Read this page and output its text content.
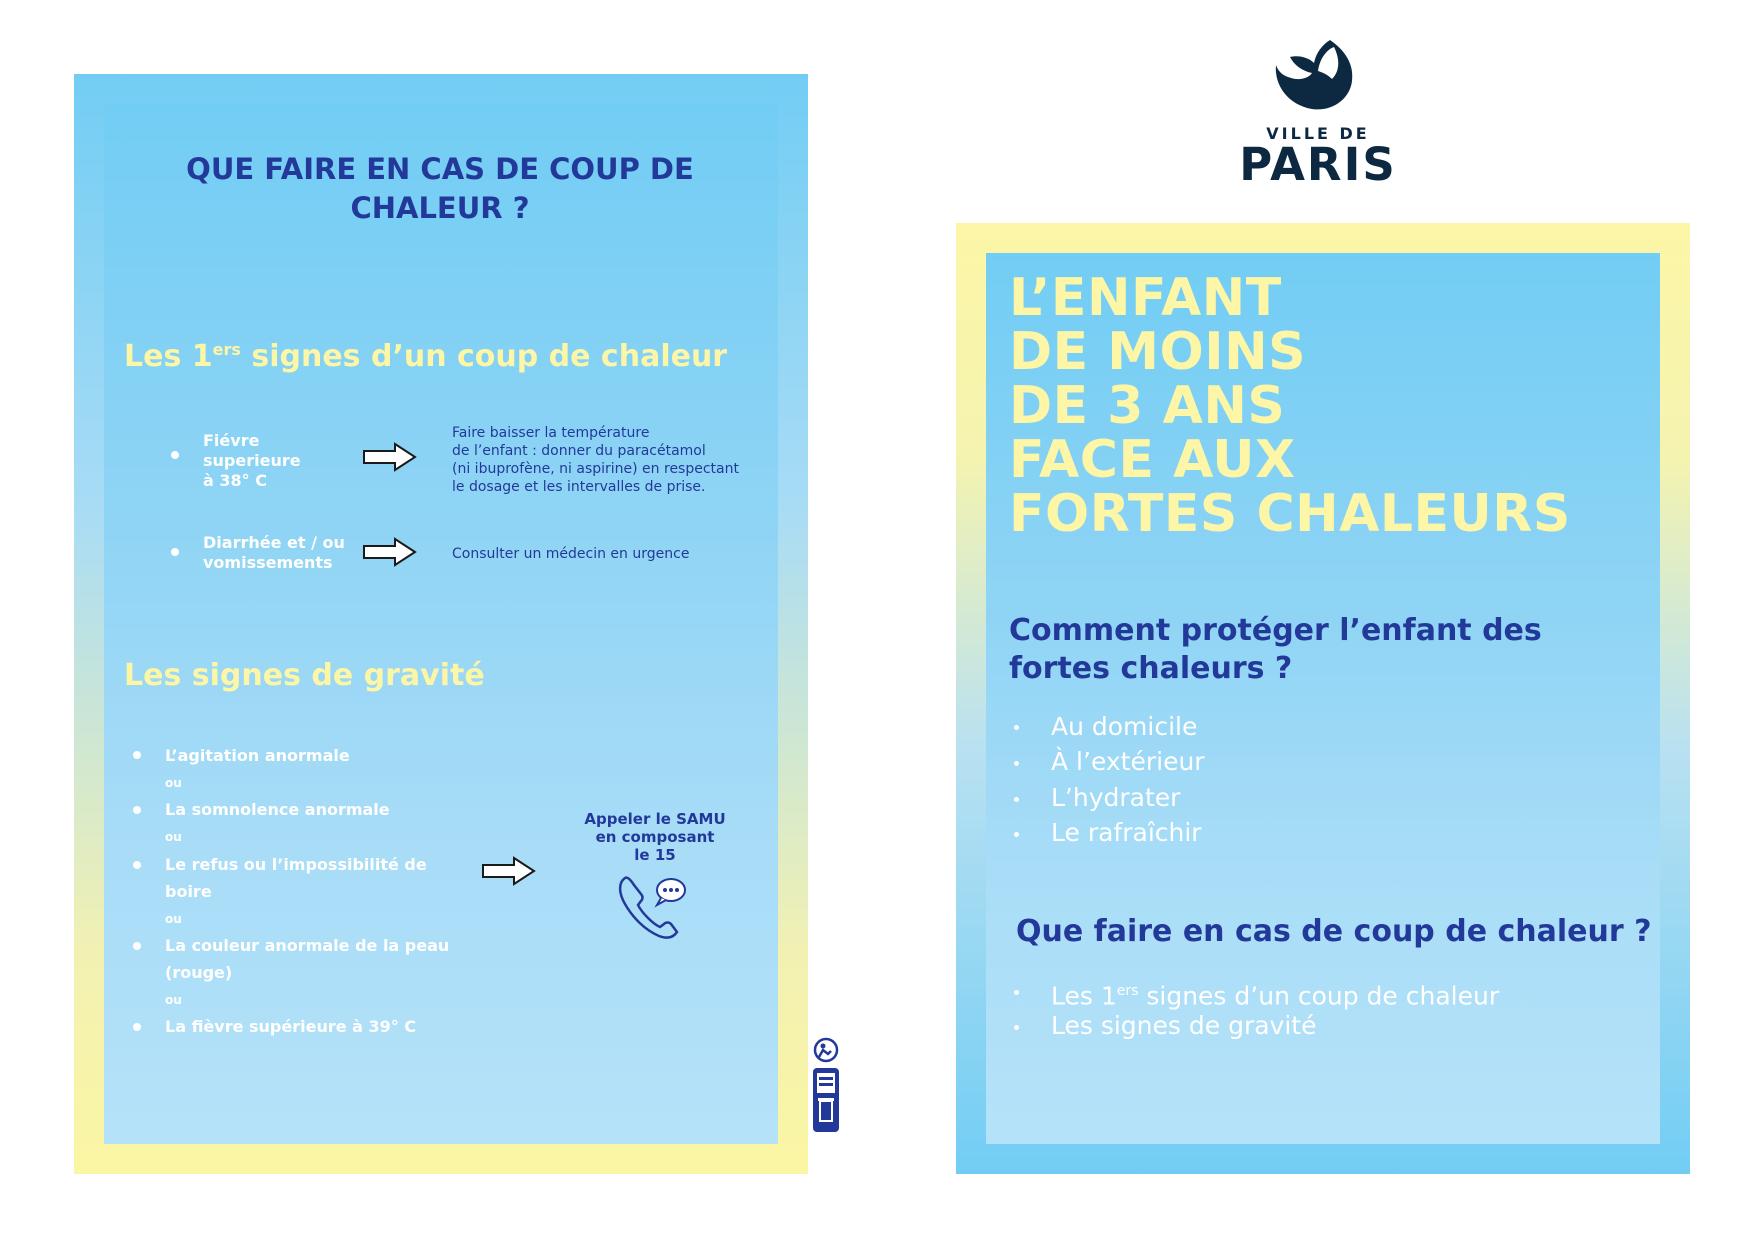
QUE FAIRE EN CAS DE COUP DE CHALEUR ?
Les 1ers signes d’un coup de chaleur
Fiévre
superieure
à 38° C
Faire baisser la température
de l’enfant : donner du paracétamol
(ni ibuprofène, ni aspirine) en respectant
le dosage et les intervalles de prise.
Diarrhée et / ou
vomissements	Consulter un médecin en urgence
Les signes de gravité
L’agitation anormale
ou
La somnolence anormale
ou
Le refus ou l’impossibilité de boire
ou
La couleur anormale de la peau (rouge)
ou
La fièvre supérieure à 39° C
Appeler le SAMU
en composant
le 15
VILLE DE
PARIS
L’ENFANT
DE MOINS
DE 3 ANS
FACE AUX
FORTES CHALEURS
Comment protéger l’enfant des fortes chaleurs ?
Au domicile
À l’extérieur
L’hydrater
Le rafraîchir
Que faire en cas de coup de chaleur ?
Les 1ers signes d’un coup de chaleur
Les signes de gravité
